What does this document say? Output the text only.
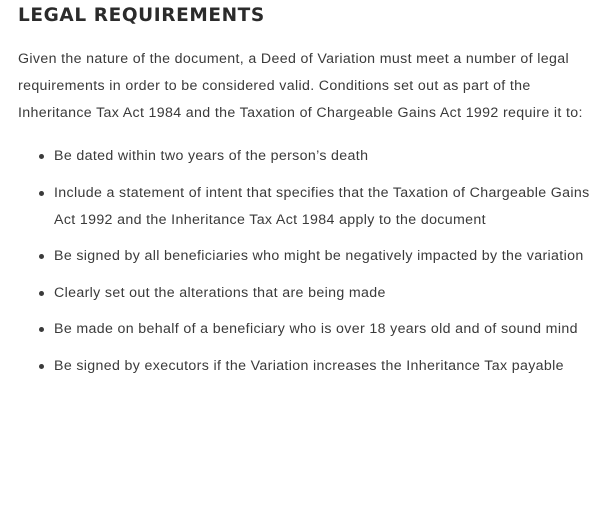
LEGAL REQUIREMENTS

Given the nature of the document, a Deed of Variation must meet a number of legal requirements in order to be considered valid. Conditions set out as part of the Inheritance Tax Act 1984 and the Taxation of Chargeable Gains Act 1992 require it to:

Be dated within two years of the person’s death
Include a statement of intent that specifies that the Taxation of Chargeable Gains Act 1992 and the Inheritance Tax Act 1984 apply to the document
Be signed by all beneficiaries who might be negatively impacted by the variation
Clearly set out the alterations that are being made
Be made on behalf of a beneficiary who is over 18 years old and of sound mind
Be signed by executors if the Variation increases the Inheritance Tax payable
